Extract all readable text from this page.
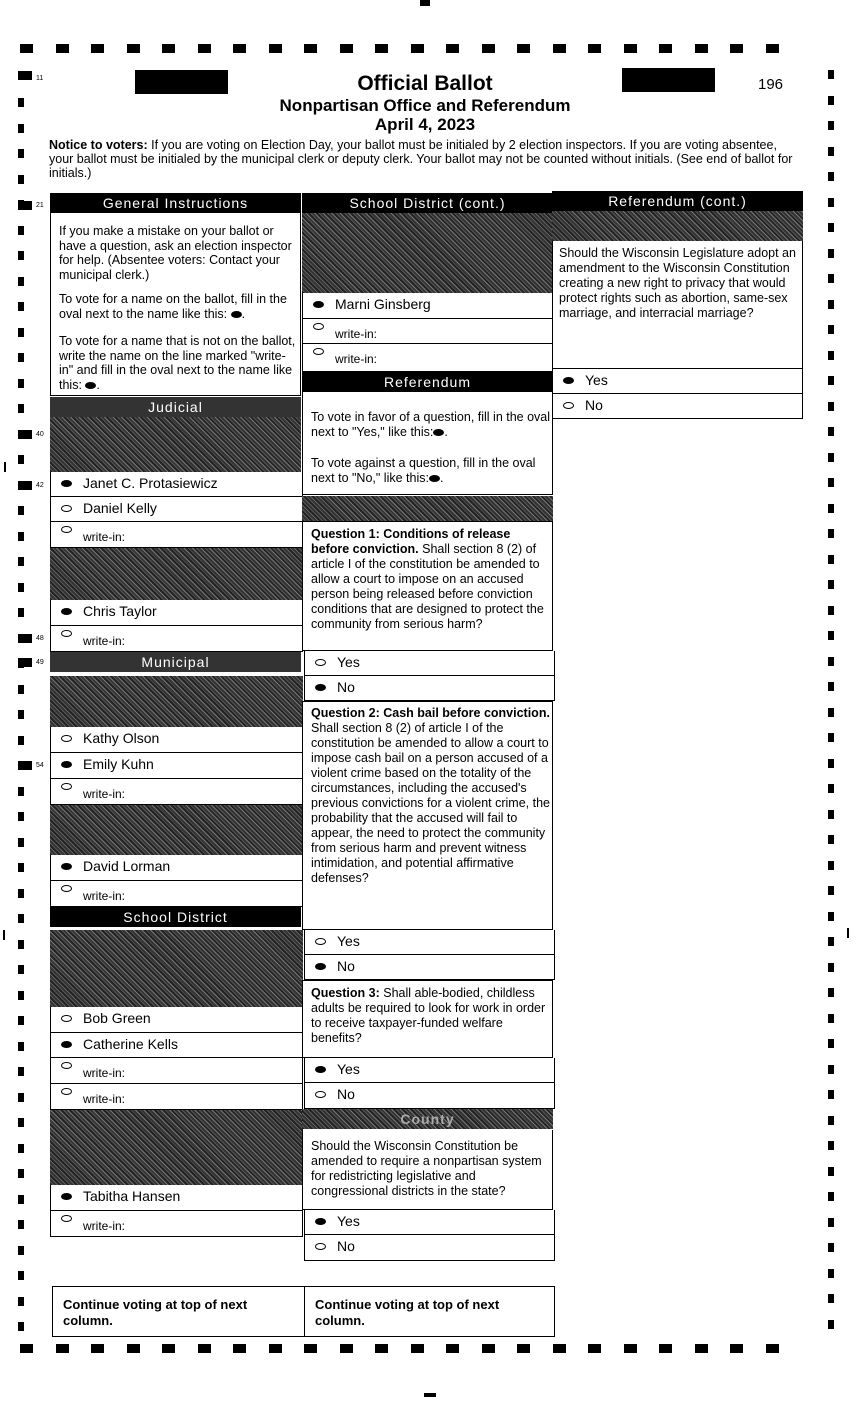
Official Ballot
Nonpartisan Office and Referendum
April 4, 2023
196
Notice to voters: If you are voting on Election Day, your ballot must be initialed by 2 election inspectors. If you are voting absentee, your ballot must be initialed by the municipal clerk or deputy clerk. Your ballot may not be counted without initials. (See end of ballot for initials.)
11
21
40
42
48
49
54
General Instructions
If you make a mistake on your ballot or have a question, ask an election inspector for help. (Absentee voters: Contact your municipal clerk.)
To vote for a name on the ballot, fill in the oval next to the name like this: .
To vote for a name that is not on the ballot, write the name on the line marked "write-in" and fill in the oval next to the name like this: .
Judicial
Janet C. Protasiewicz
Daniel Kelly
write-in:
Chris Taylor
write-in:
Kathy Olson
Emily Kuhn
write-in:
David Lorman
write-in:
Bob Green
Catherine Kells
write-in:
write-in:
Tabitha Hansen
write-in:
Municipal
School District
Continue voting at top of next column.
School District (cont.)
Marni Ginsberg
write-in:
write-in:
Referendum
To vote in favor of a question, fill in the oval next to "Yes," like this: .
To vote against a question, fill in the oval next to "No," like this: .
Question 1: Conditions of release before conviction. Shall section 8 (2) of article I of the constitution be amended to allow a court to impose on an accused person being released before conviction conditions that are designed to protect the community from serious harm?
Question 2: Cash bail before conviction. Shall section 8 (2) of article I of the constitution be amended to allow a court to impose cash bail on a person accused of a violent crime based on the totality of the circumstances, including the accused's previous convictions for a violent crime, the probability that the accused will fail to appear, the need to protect the community from serious harm and prevent witness intimidation, and potential affirmative defenses?
Question 3: Shall able-bodied, childless adults be required to look for work in order to receive taxpayer-funded welfare benefits?
County
Should the Wisconsin Constitution be amended to require a nonpartisan system for redistricting legislative and congressional districts in the state?
Yes
No
Yes
No
Yes
No
Yes
No
Continue voting at top of next column.
Referendum (cont.)
Should the Wisconsin Legislature adopt an amendment to the Wisconsin Constitution creating a new right to privacy that would protect rights such as abortion, same-sex marriage, and interracial marriage?
Yes
No
